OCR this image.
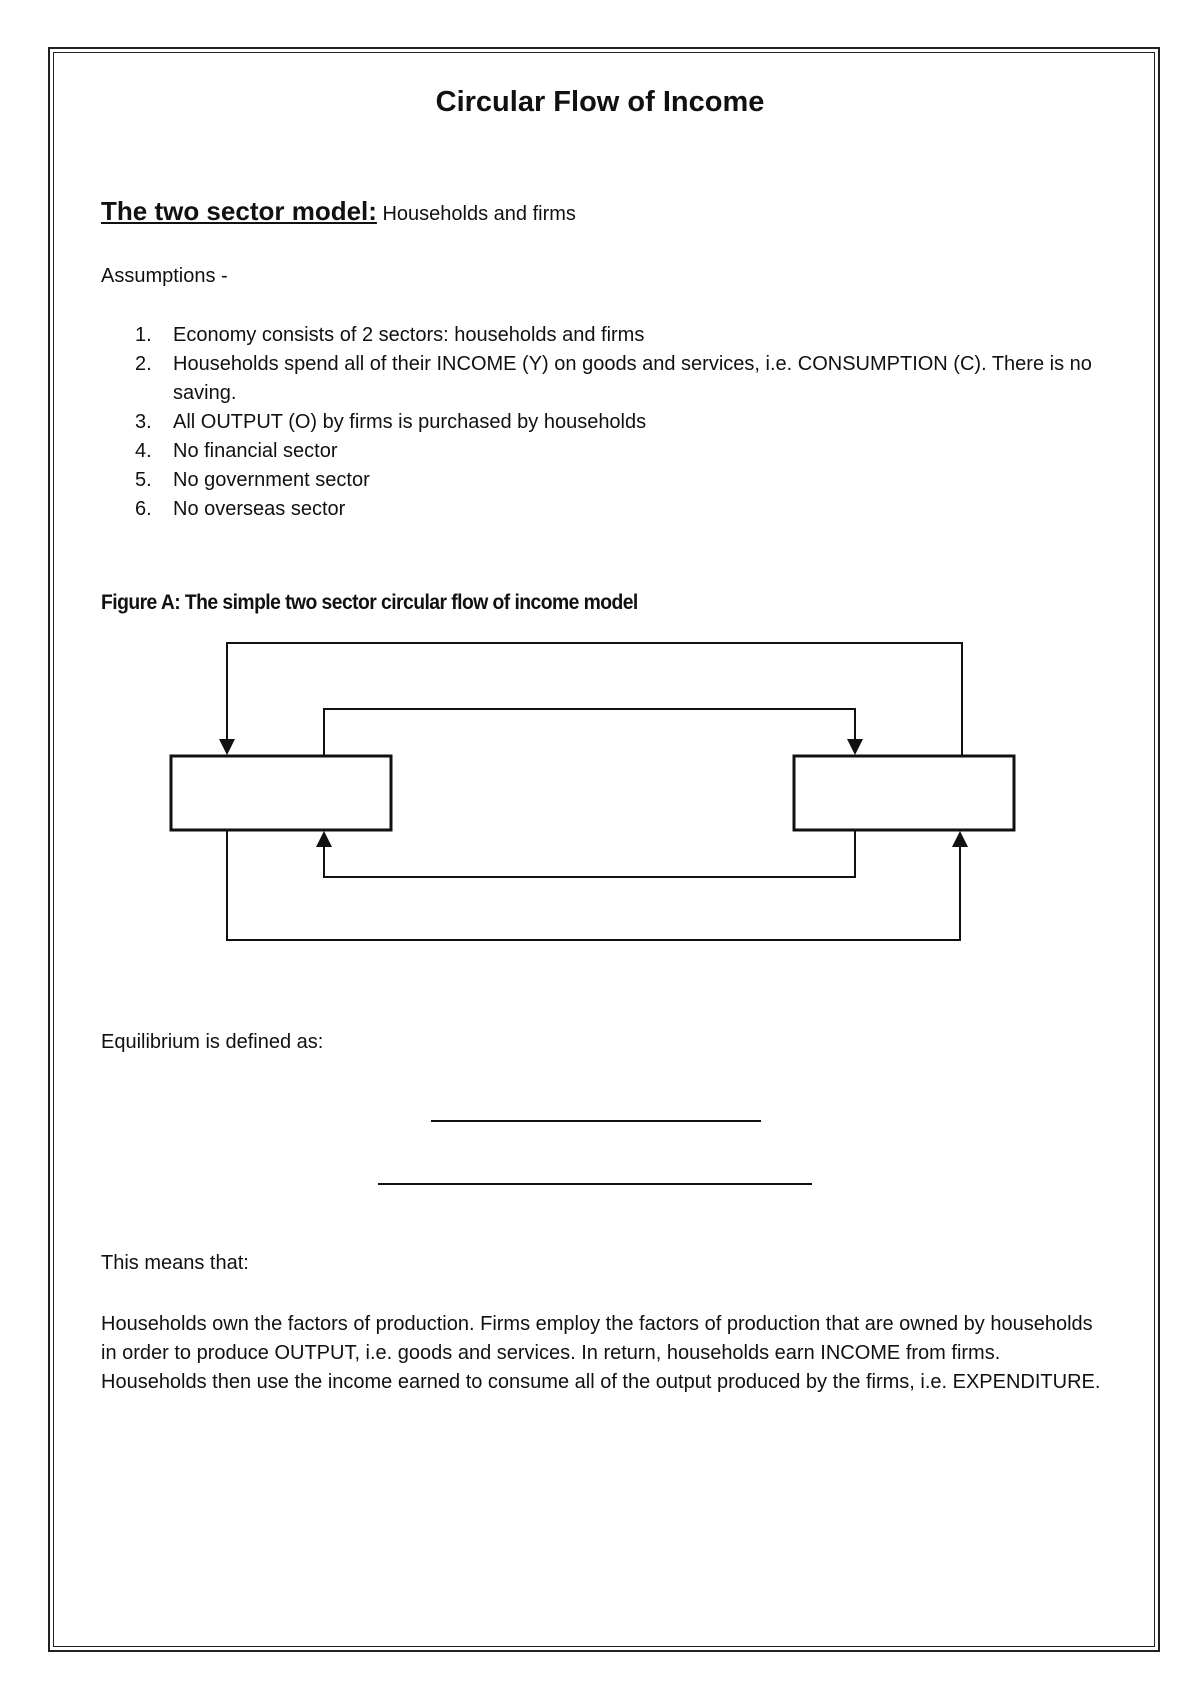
Circular Flow of Income

The two sector model: Households and firms

Assumptions -

1.	Economy consists of 2 sectors: households and firms
2.	Households spend all of their INCOME (Y) on goods and services, i.e. CONSUMPTION (C). There is no saving.
3.	All OUTPUT (O) by firms is purchased by households
4.	No financial sector
5.	No government sector
6.	No overseas sector

Figure A: The simple two sector circular flow of income model

Equilibrium is defined as:

This means that:

Households own the factors of production. Firms employ the factors of production that are owned by households in order to produce OUTPUT, i.e. goods and services. In return, households earn INCOME from firms. Households then use the income earned to consume all of the output produced by the firms, i.e. EXPENDITURE.
